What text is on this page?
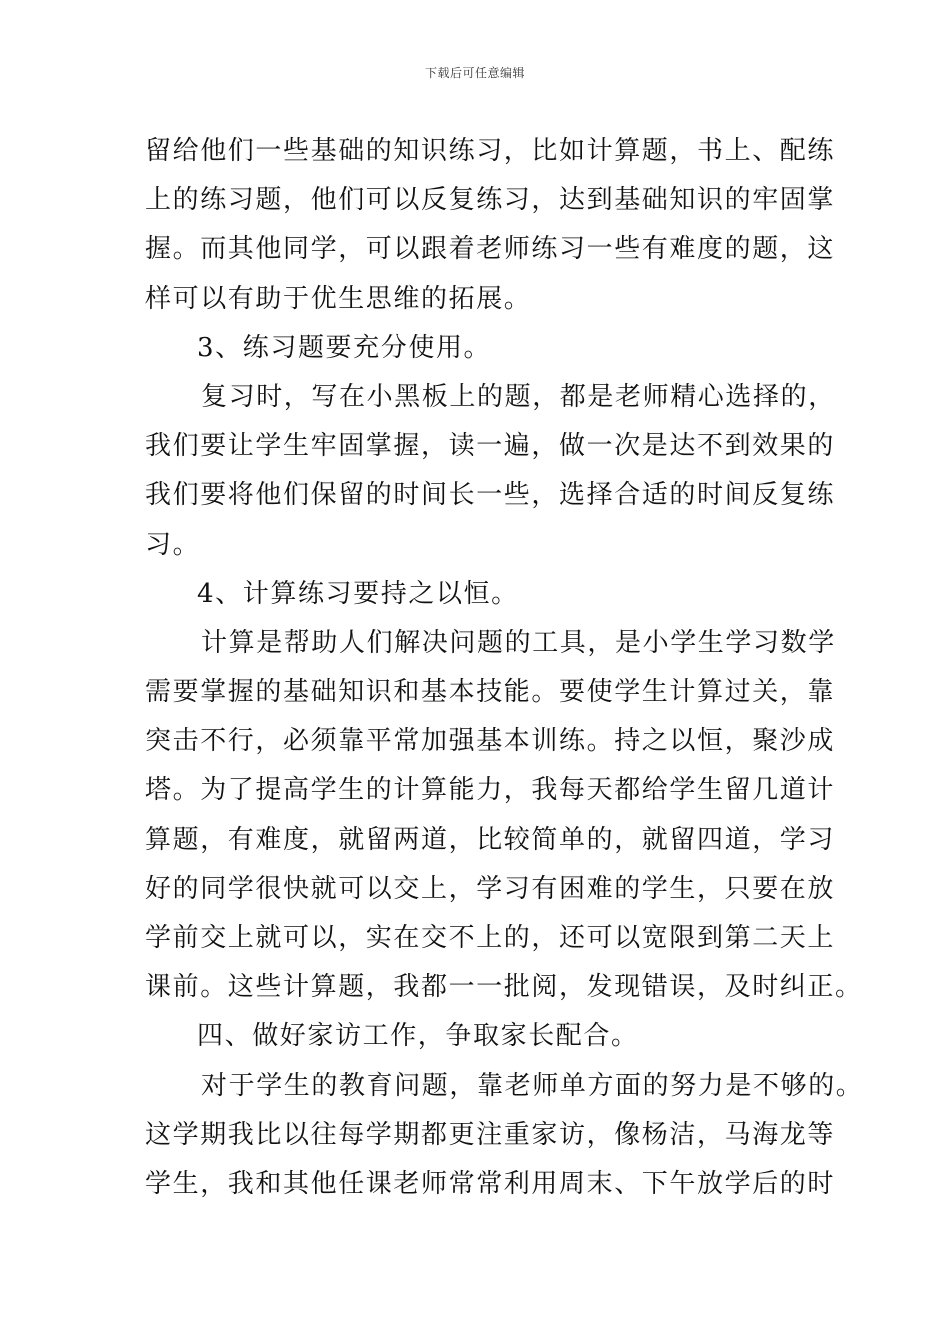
下载后可任意编辑
留给他们一些基础的知识练习，比如计算题，书上、配练
上的练习题，他们可以反复练习，达到基础知识的牢固掌
握。而其他同学，可以跟着老师练习一些有难度的题，这
样可以有助于优生思维的拓展。
3、练习题要充分使用。
复习时，写在小黑板上的题，都是老师精心选择的，
我们要让学生牢固掌握，读一遍，做一次是达不到效果的
我们要将他们保留的时间长一些，选择合适的时间反复练
习。
4、计算练习要持之以恒。
计算是帮助人们解决问题的工具，是小学生学习数学
需要掌握的基础知识和基本技能。要使学生计算过关，靠
突击不行，必须靠平常加强基本训练。持之以恒，聚沙成
塔。为了提高学生的计算能力，我每天都给学生留几道计
算题，有难度，就留两道，比较简单的，就留四道，学习
好的同学很快就可以交上，学习有困难的学生，只要在放
学前交上就可以，实在交不上的，还可以宽限到第二天上
课前。这些计算题，我都一一批阅，发现错误，及时纠正。
四、做好家访工作，争取家长配合。
对于学生的教育问题，靠老师单方面的努力是不够的。
这学期我比以往每学期都更注重家访，像杨洁，马海龙等
学生，我和其他任课老师常常利用周末、下午放学后的时
